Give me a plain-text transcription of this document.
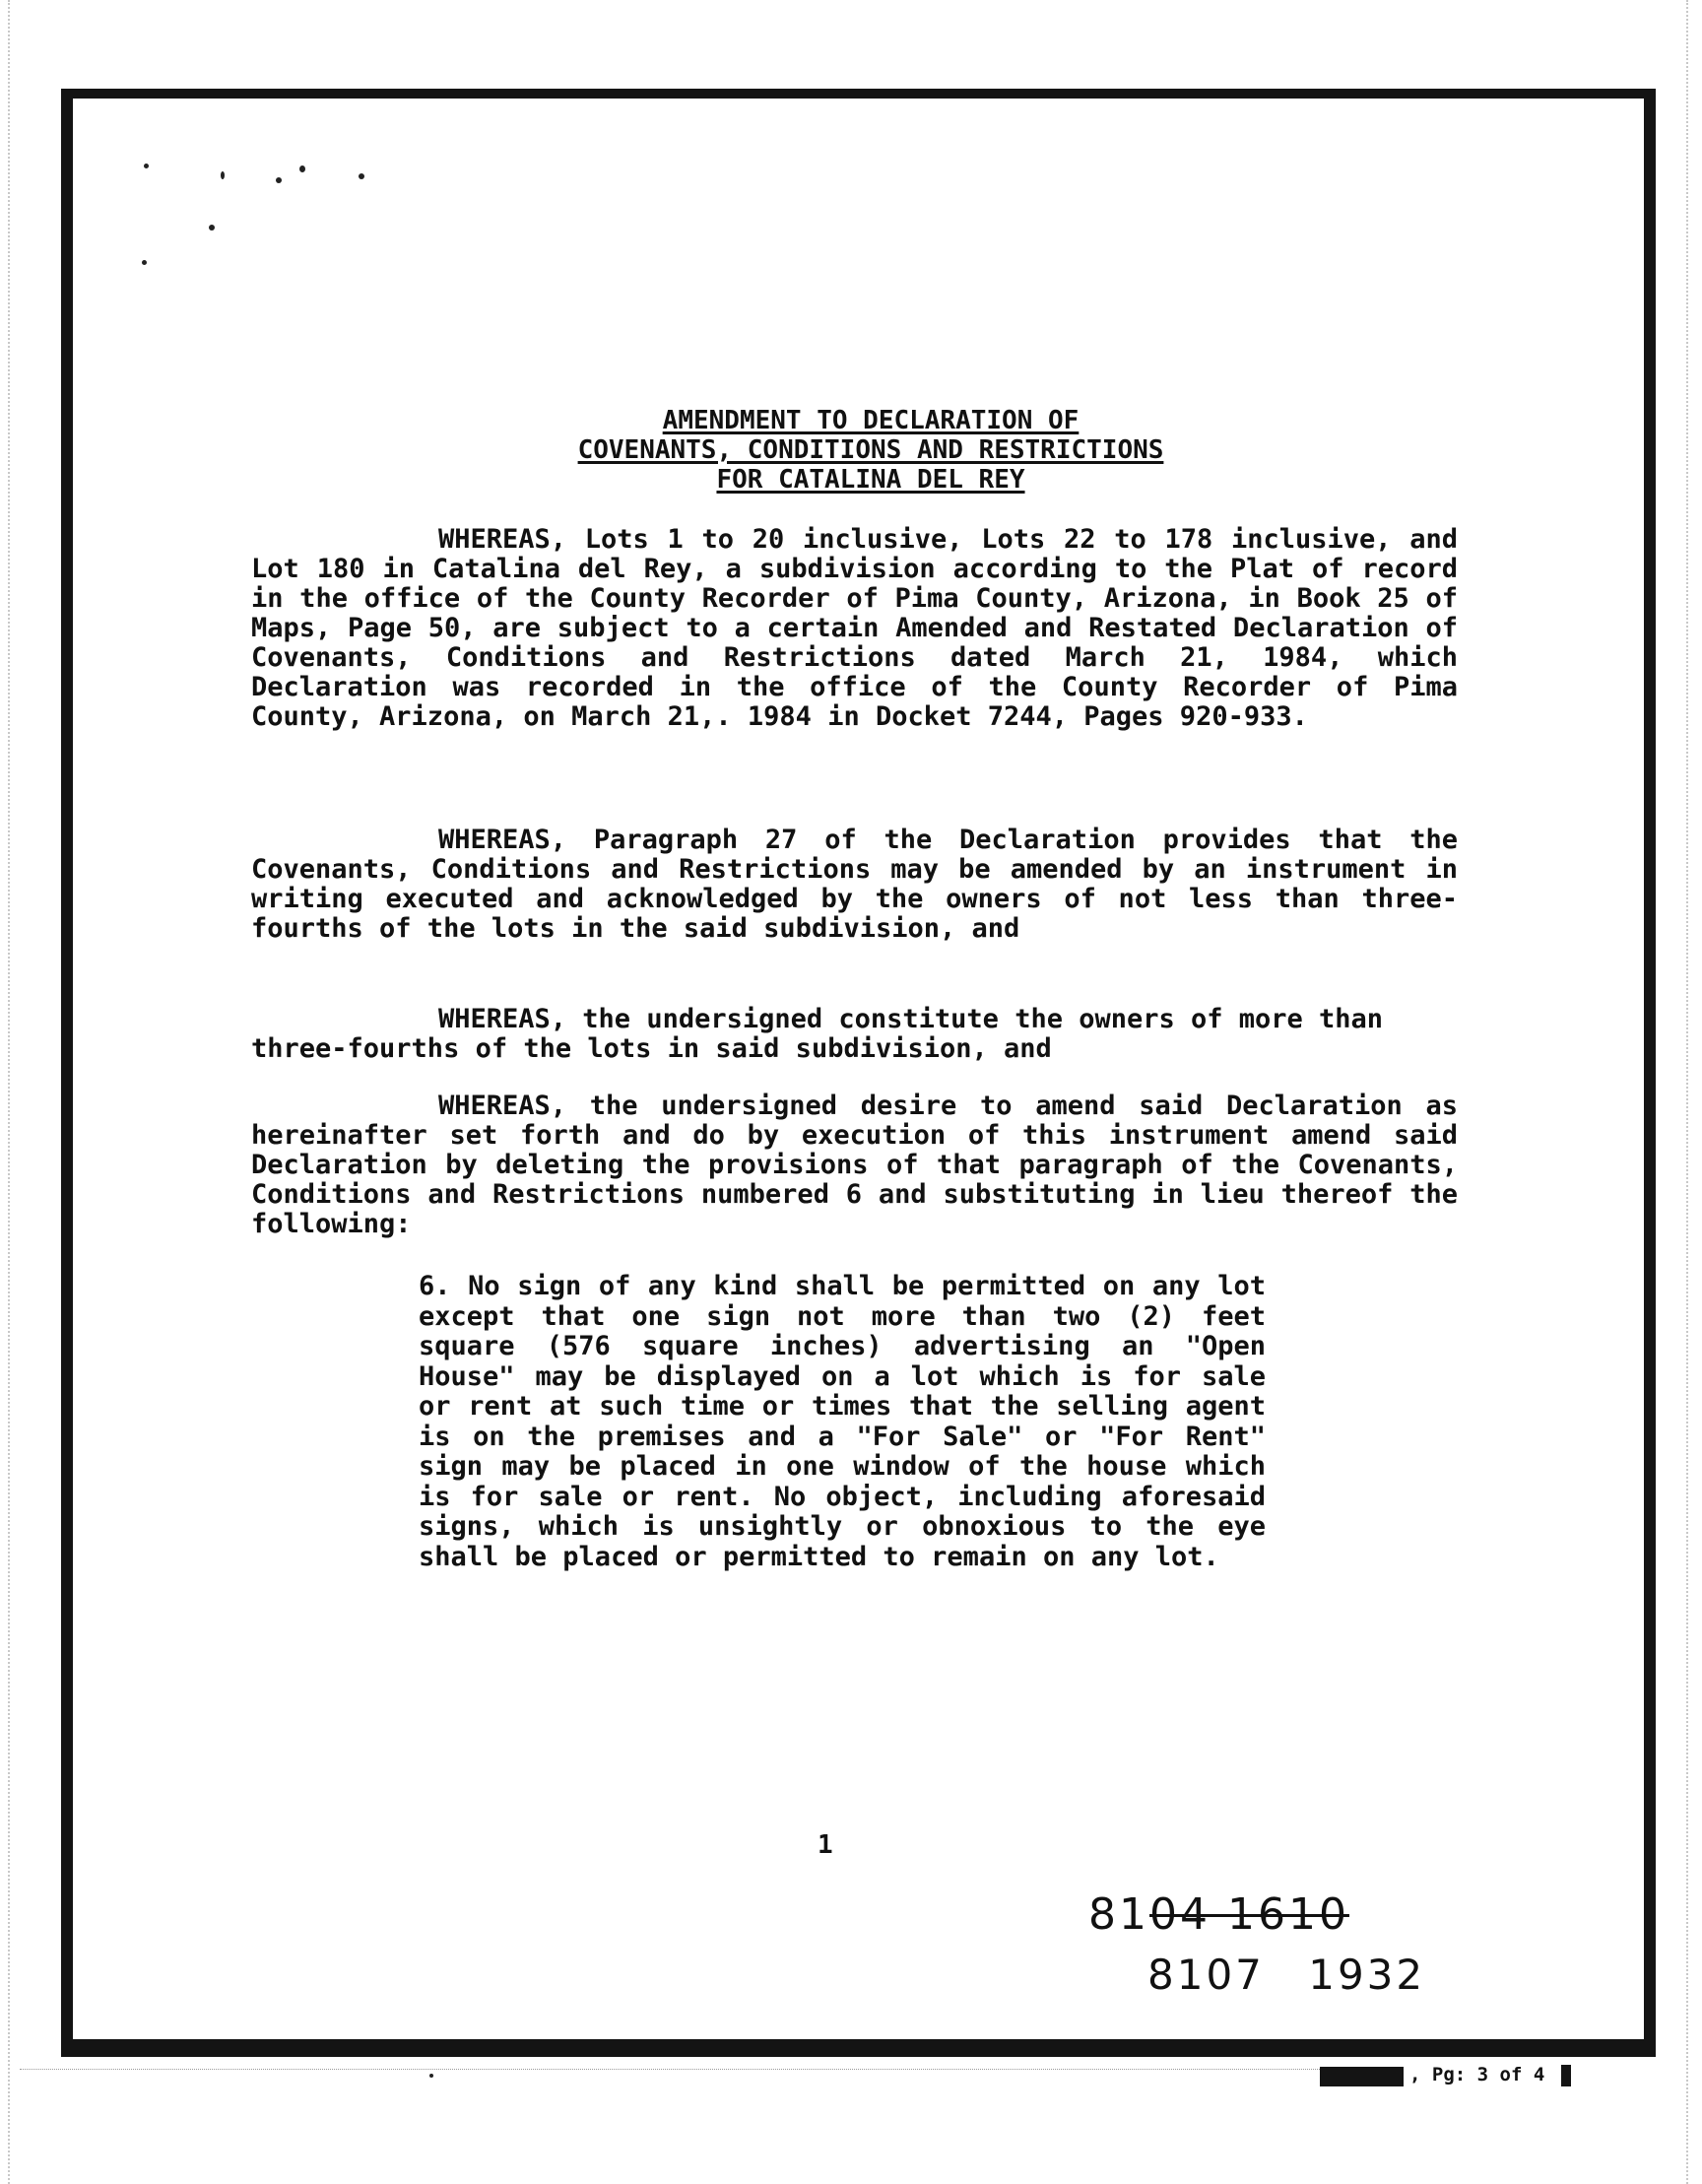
AMENDMENT TO DECLARATION OF
COVENANTS, CONDITIONS AND RESTRICTIONS
FOR CATALINA DEL REY

WHEREAS, Lots 1 to 20 inclusive, Lots 22 to 178 inclusive, and Lot 180 in Catalina del Rey, a subdivision according to the Plat of record in the office of the County Recorder of Pima County, Arizona, in Book 25 of Maps, Page 50, are subject to a certain Amended and Restated Declaration of Covenants, Conditions and Restrictions dated March 21, 1984, which Declaration was recorded in the office of the County Recorder of Pima County, Arizona, on March 21,. 1984 in Docket 7244, Pages 920-933.

WHEREAS, Paragraph 27 of the Declaration provides that the Covenants, Conditions and Restrictions may be amended by an instrument in writing executed and acknowledged by the owners of not less than three-fourths of the lots in the said subdivision, and

WHEREAS, the undersigned constitute the owners of more than three-fourths of the lots in said subdivision, and

WHEREAS, the undersigned desire to amend said Declaration as hereinafter set forth and do by execution of this instrument amend said Declaration by deleting the provisions of that paragraph of the Covenants, Conditions and Restrictions numbered 6 and substituting in lieu thereof the following:

6. No sign of any kind shall be permitted on any lot except that one sign not more than two (2) feet square (576 square inches) advertising an "Open House" may be displayed on a lot which is for sale or rent at such time or times that the selling agent is on the premises and a "For Sale" or "For Rent" sign may be placed in one window of the house which is for sale or rent. No object, including aforesaid signs, which is unsightly or obnoxious to the eye shall be placed or permitted to remain on any lot.

1
8104 1610
8107 1932
, Pg: 3 of 4
